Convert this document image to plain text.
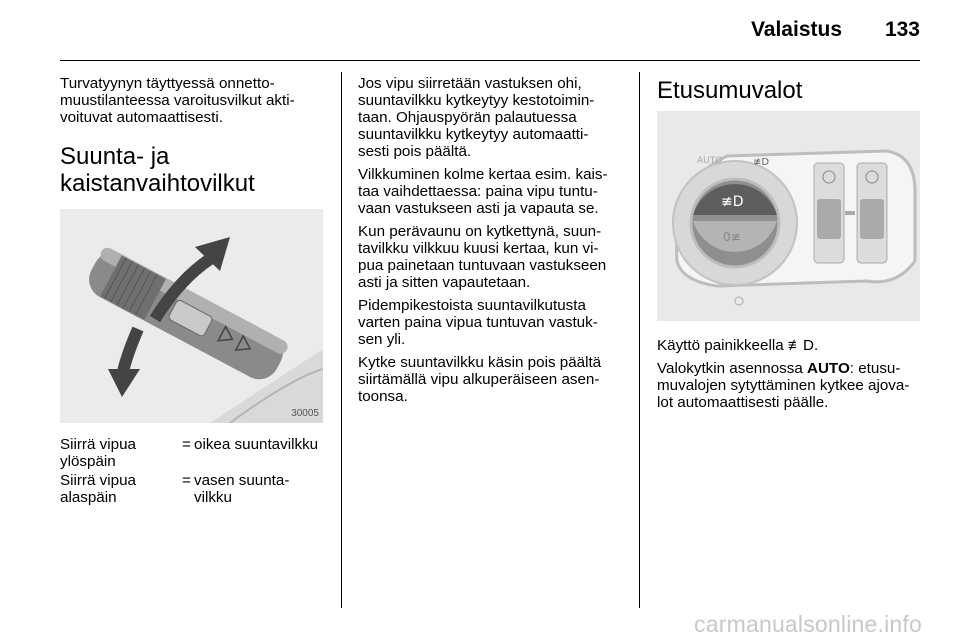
Valaistus 133

Turvatyynyn täyttyessä onnetto-
muustilanteessa varoitusvilkut akti-
voituvat automaattisesti.

Suunta- ja
kaistanvaihtovilkut
30005
Siirrä vipua
ylöspäin
= oikea suuntavilkku
Siirrä vipua
alaspäin
= vasen suunta-
vilkku

Jos vipu siirretään vastuksen ohi,
suuntavilkku kytkeytyy kestotoimin-
taan. Ohjauspyörän palautuessa
suuntavilkku kytkeytyy automaatti-
sesti pois päältä.

Vilkkuminen kolme kertaa esim. kais-
taa vaihdettaessa: paina vipu tuntu-
vaan vastukseen asti ja vapauta se.

Kun perävaunu on kytkettynä, suun-
tavilkku vilkkuu kuusi kertaa, kun vi-
pua painetaan tuntuvaan vastukseen
asti ja sitten vapautetaan.

Pidempikestoista suuntavilkutusta
varten paina vipua tuntuvan vastuk-
sen yli.

Kytke suuntavilkku käsin pois päältä
siirtämällä vipu alkuperäiseen asen-
toonsa.

Etusumuvalot
≢D
0≢
AUTO	≢D

Käyttö painikkeella ≢D.

Valokytkin asennossa AUTO: etusu-
muvalojen sytyttäminen kytkee ajova-
lot automaattisesti päälle.

carmanualsonline.info
